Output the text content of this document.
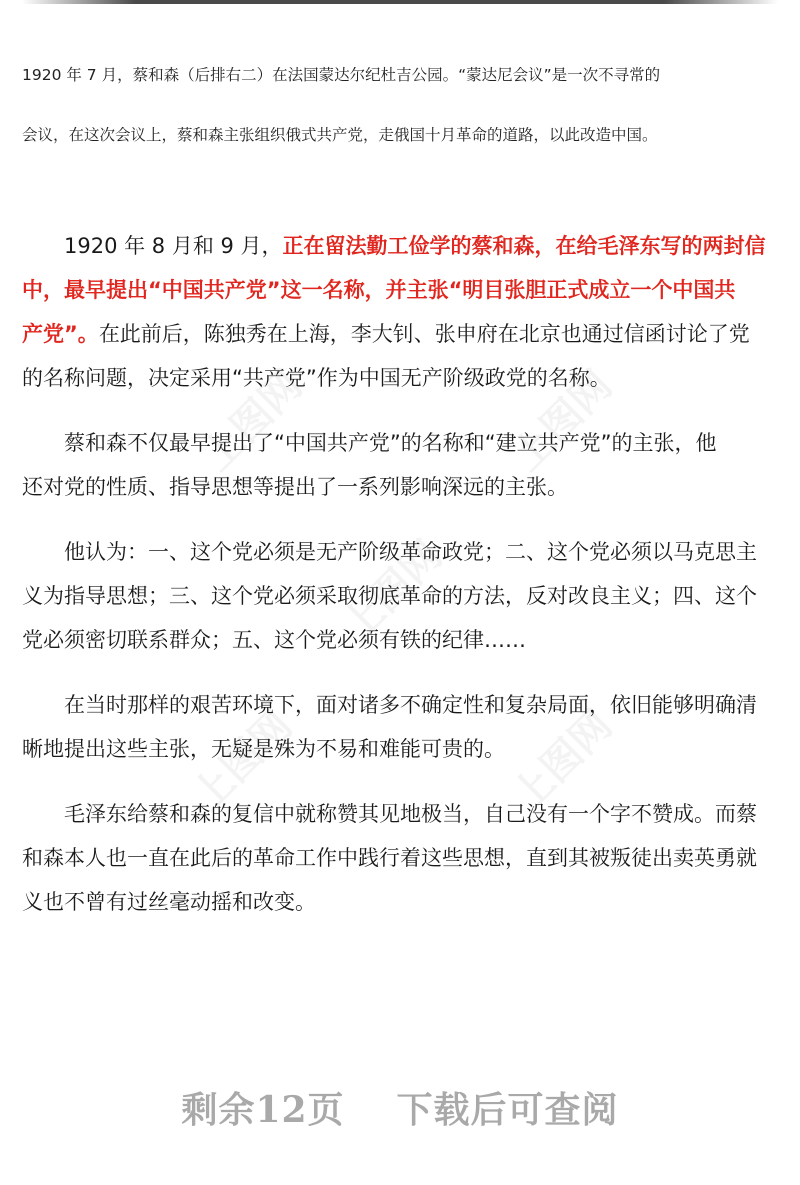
上图网	上图网
上图网
上图网	上图网
1920 年 7 月，蔡和森（后排右二）在法国蒙达尔纪杜吉公园。“蒙达尼会议”是一次不寻常的
会议，在这次会议上，蔡和森主张组织俄式共产党，走俄国十月革命的道路，以此改造中国。
1920 年 8 月和 9 月，正在留法勤工俭学的蔡和森，在给毛泽东写的两封信
中，最早提出“中国共产党”这一名称，并主张“明目张胆正式成立一个中国共
产党”。在此前后，陈独秀在上海，李大钊、张申府在北京也通过信函讨论了党
的名称问题，决定采用“共产党”作为中国无产阶级政党的名称。
蔡和森不仅最早提出了“中国共产党”的名称和“建立共产党”的主张，他
还对党的性质、指导思想等提出了一系列影响深远的主张。
他认为：一、这个党必须是无产阶级革命政党；二、这个党必须以马克思主
义为指导思想；三、这个党必须采取彻底革命的方法，反对改良主义；四、这个
党必须密切联系群众；五、这个党必须有铁的纪律……
在当时那样的艰苦环境下，面对诸多不确定性和复杂局面，依旧能够明确清
晰地提出这些主张，无疑是殊为不易和难能可贵的。
毛泽东给蔡和森的复信中就称赞其见地极当，自己没有一个字不赞成。而蔡
和森本人也一直在此后的革命工作中践行着这些思想，直到其被叛徒出卖英勇就
义也不曾有过丝毫动摇和改变。
剩余12页 下载后可查阅
